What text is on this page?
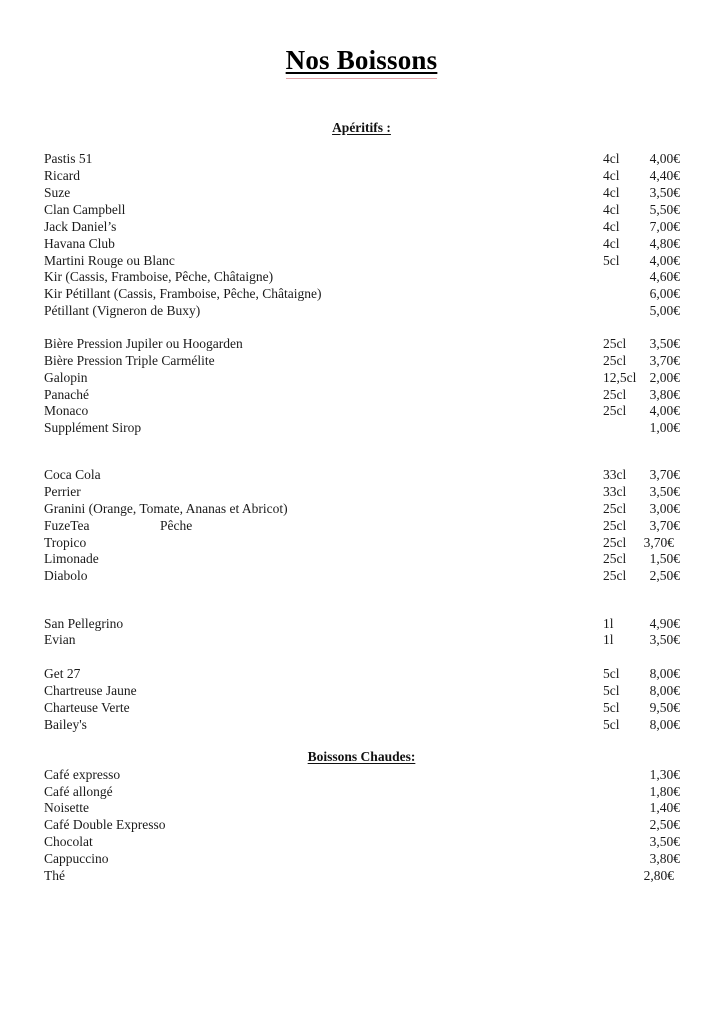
Nos Boissons
Apéritifs :
Pastis 51	4cl 4,00€
Ricard	4cl 4,40€
Suze	4cl 3,50€
Clan Campbell	4cl 5,50€
Jack Daniel’s	4cl 7,00€
Havana Club	4cl 4,80€
Martini Rouge ou Blanc	5cl 4,00€
Kir (Cassis, Framboise, Pêche, Châtaigne)	4,60€
Kir Pétillant (Cassis, Framboise, Pêche, Châtaigne)	6,00€
Pétillant (Vigneron de Buxy)	5,00€
Bière Pression Jupiler ou Hoogarden	25cl 3,50€
Bière Pression Triple Carmélite	25cl 3,70€
Galopin	12,5cl 2,00€
Panaché	25cl 3,80€
Monaco	25cl 4,00€
Supplément Sirop	1,00€
Coca Cola	33cl 3,70€
Perrier	33cl 3,50€
Granini (Orange, Tomate, Ananas et Abricot)	25cl 3,00€
FuzeTea	Pêche	25cl 3,70€
Tropico	25cl 3,70€
Limonade	25cl 1,50€
Diabolo	25cl 2,50€
San Pellegrino	1l	4,90€
Evian	1l	3,50€
Get 27	5cl 8,00€
Chartreuse Jaune	5cl 8,00€
Charteuse Verte	5cl 9,50€
Bailey's	5cl 8,00€
Boissons Chaudes:
Café expresso	1,30€
Café allongé	1,80€
Noisette	1,40€
Café Double Expresso	2,50€
Chocolat	3,50€
Cappuccino	3,80€
Thé	2,80€
